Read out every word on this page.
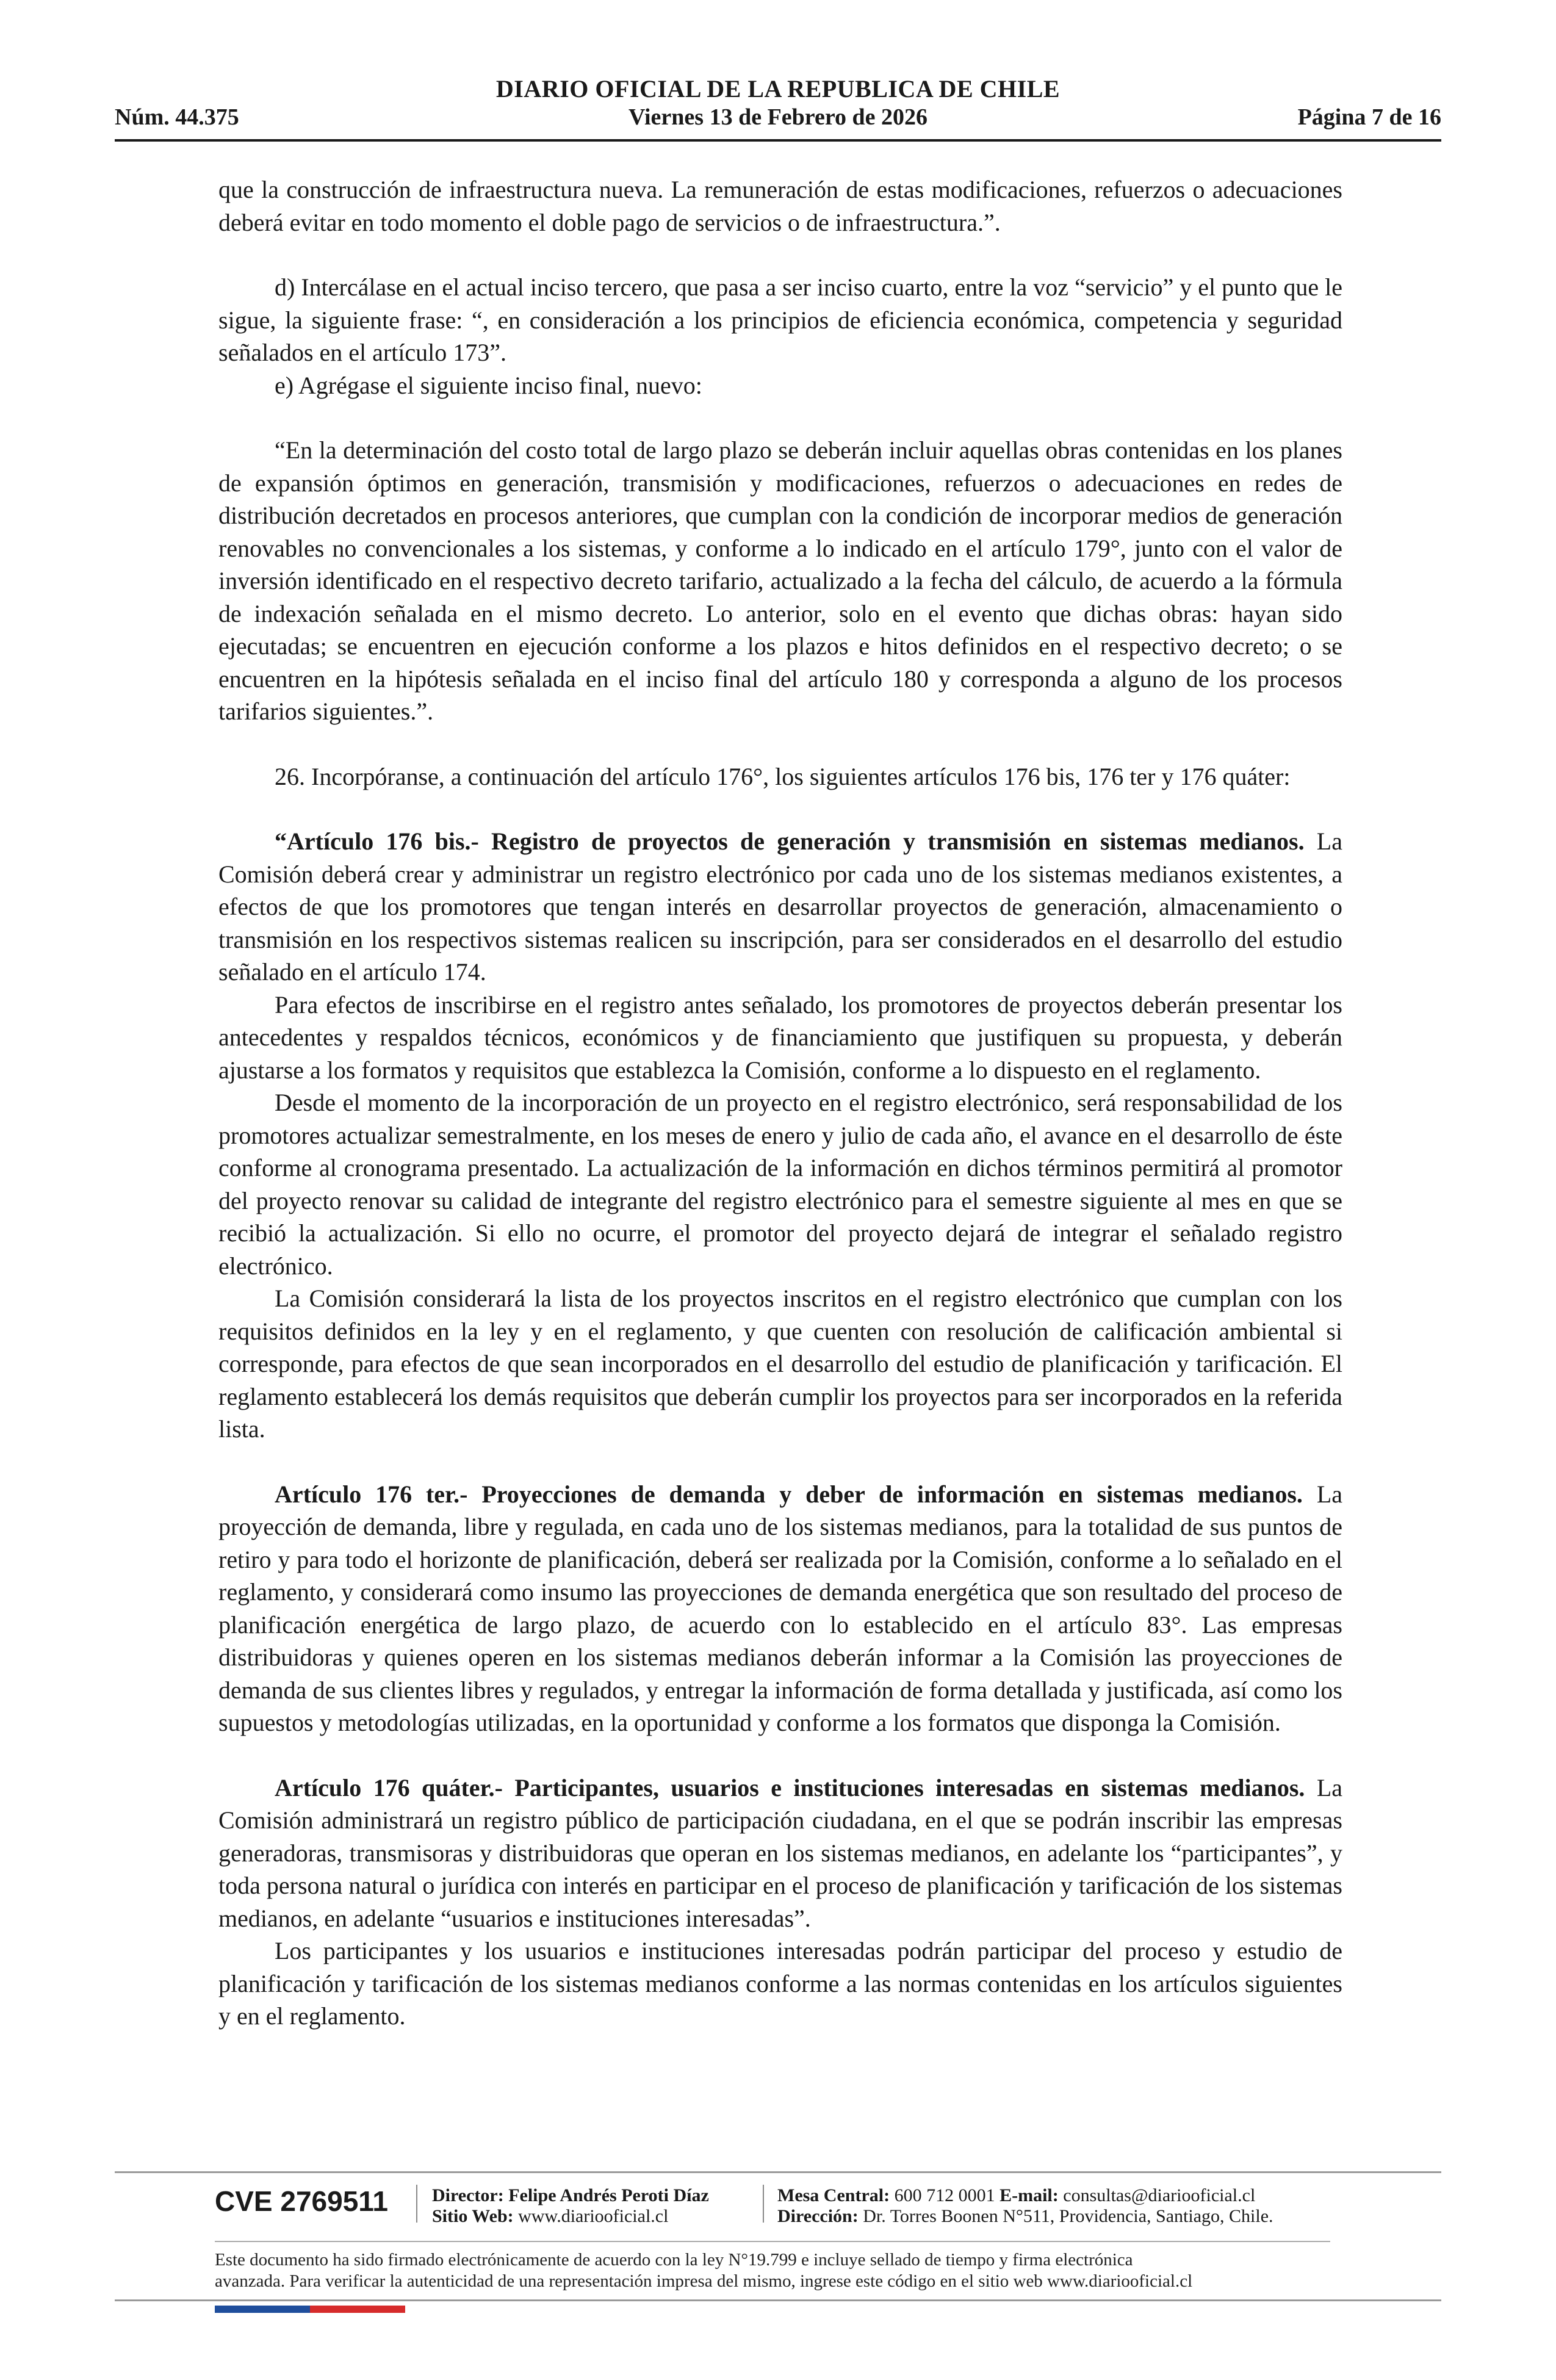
DIARIO OFICIAL DE LA REPUBLICA DE CHILE
Viernes 13 de Febrero de 2026
Núm. 44.375	Página 7 de 16

que la construcción de infraestructura nueva. La remuneración de estas modificaciones, refuerzos o adecuaciones deberá evitar en todo momento el doble pago de servicios o de infraestructura.”.

d) Intercálase en el actual inciso tercero, que pasa a ser inciso cuarto, entre la voz “servicio” y el punto que le sigue, la siguiente frase: “, en consideración a los principios de eficiencia económica, competencia y seguridad señalados en el artículo 173”.

e) Agrégase el siguiente inciso final, nuevo:

“En la determinación del costo total de largo plazo se deberán incluir aquellas obras contenidas en los planes de expansión óptimos en generación, transmisión y modificaciones, refuerzos o adecuaciones en redes de distribución decretados en procesos anteriores, que cumplan con la condición de incorporar medios de generación renovables no convencionales a los sistemas, y conforme a lo indicado en el artículo 179°, junto con el valor de inversión identificado en el respectivo decreto tarifario, actualizado a la fecha del cálculo, de acuerdo a la fórmula de indexación señalada en el mismo decreto. Lo anterior, solo en el evento que dichas obras: hayan sido ejecutadas; se encuentren en ejecución conforme a los plazos e hitos definidos en el respectivo decreto; o se encuentren en la hipótesis señalada en el inciso final del artículo 180 y corresponda a alguno de los procesos tarifarios siguientes.”.

26. Incorpóranse, a continuación del artículo 176°, los siguientes artículos 176 bis, 176 ter y 176 quáter:

“Artículo 176 bis.- Registro de proyectos de generación y transmisión en sistemas medianos. La Comisión deberá crear y administrar un registro electrónico por cada uno de los sistemas medianos existentes, a efectos de que los promotores que tengan interés en desarrollar proyectos de generación, almacenamiento o transmisión en los respectivos sistemas realicen su inscripción, para ser considerados en el desarrollo del estudio señalado en el artículo 174.

Para efectos de inscribirse en el registro antes señalado, los promotores de proyectos deberán presentar los antecedentes y respaldos técnicos, económicos y de financiamiento que justifiquen su propuesta, y deberán ajustarse a los formatos y requisitos que establezca la Comisión, conforme a lo dispuesto en el reglamento.

Desde el momento de la incorporación de un proyecto en el registro electrónico, será responsabilidad de los promotores actualizar semestralmente, en los meses de enero y julio de cada año, el avance en el desarrollo de éste conforme al cronograma presentado. La actualización de la información en dichos términos permitirá al promotor del proyecto renovar su calidad de integrante del registro electrónico para el semestre siguiente al mes en que se recibió la actualización. Si ello no ocurre, el promotor del proyecto dejará de integrar el señalado registro electrónico.

La Comisión considerará la lista de los proyectos inscritos en el registro electrónico que cumplan con los requisitos definidos en la ley y en el reglamento, y que cuenten con resolución de calificación ambiental si corresponde, para efectos de que sean incorporados en el desarrollo del estudio de planificación y tarificación. El reglamento establecerá los demás requisitos que deberán cumplir los proyectos para ser incorporados en la referida lista.

Artículo 176 ter.- Proyecciones de demanda y deber de información en sistemas medianos. La proyección de demanda, libre y regulada, en cada uno de los sistemas medianos, para la totalidad de sus puntos de retiro y para todo el horizonte de planificación, deberá ser realizada por la Comisión, conforme a lo señalado en el reglamento, y considerará como insumo las proyecciones de demanda energética que son resultado del proceso de planificación energética de largo plazo, de acuerdo con lo establecido en el artículo 83°. Las empresas distribuidoras y quienes operen en los sistemas medianos deberán informar a la Comisión las proyecciones de demanda de sus clientes libres y regulados, y entregar la información de forma detallada y justificada, así como los supuestos y metodologías utilizadas, en la oportunidad y conforme a los formatos que disponga la Comisión.

Artículo 176 quáter.- Participantes, usuarios e instituciones interesadas en sistemas medianos. La Comisión administrará un registro público de participación ciudadana, en el que se podrán inscribir las empresas generadoras, transmisoras y distribuidoras que operan en los sistemas medianos, en adelante los “participantes”, y toda persona natural o jurídica con interés en participar en el proceso de planificación y tarificación de los sistemas medianos, en adelante “usuarios e instituciones interesadas”.

Los participantes y los usuarios e instituciones interesadas podrán participar del proceso y estudio de planificación y tarificación de los sistemas medianos conforme a las normas contenidas en los artículos siguientes y en el reglamento.

CVE 2769511 Director: Felipe Andrés Peroti Díaz
Sitio Web: www.diariooficial.cl
Mesa Central: 600 712 0001 E-mail: consultas@diariooficial.cl
Dirección: Dr. Torres Boonen N°511, Providencia, Santiago, Chile.
Este documento ha sido firmado electrónicamente de acuerdo con la ley N°19.799 e incluye sellado de tiempo y firma electrónica
avanzada. Para verificar la autenticidad de una representación impresa del mismo, ingrese este código en el sitio web www.diariooficial.cl
